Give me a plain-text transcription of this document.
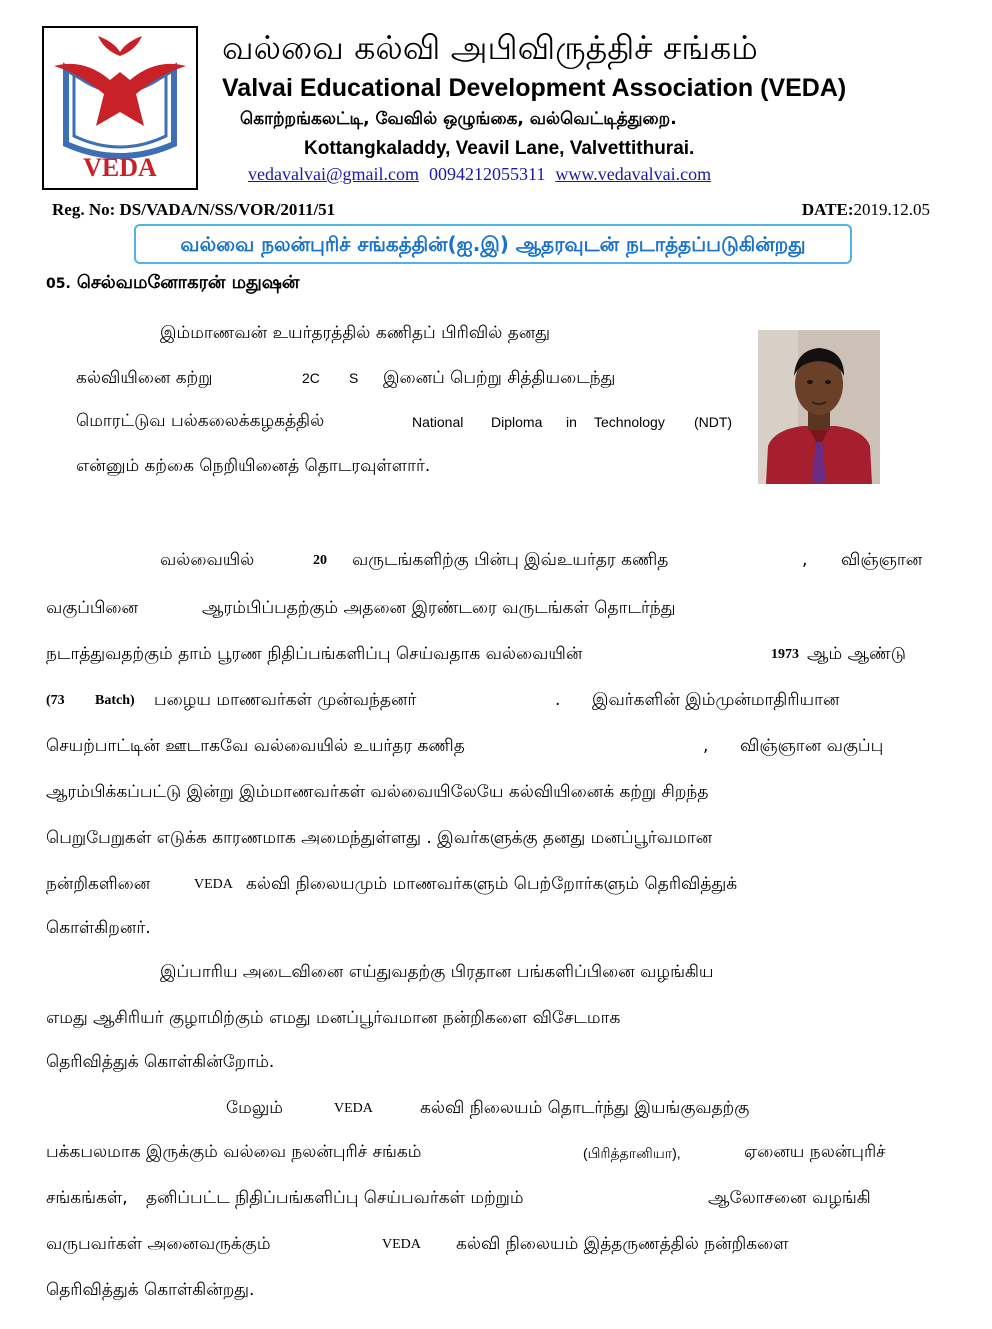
VEDA
வல்வை கல்வி அபிவிருத்திச் சங்கம்
Valvai Educational Development Association (VEDA)
கொற்றங்கலட்டி, வேவில் ஒழுங்கை, வல்வெட்டித்துறை.
Kottangkaladdy, Veavil Lane, Valvettithurai.
vedavalvai@gmail.com 0094212055311 www.vedavalvai.com
Reg. No: DS/VADA/N/SS/VOR/2011/51	DATE:2019.12.05
வல்வை நலன்புரிச் சங்கத்தின்(ஐ.இ) ஆதரவுடன் நடாத்தப்படுகின்றது
05. செல்வமனோகரன் மதுஷன்
இம்மாணவன் உயர்தரத்தில் கணிதப் பிரிவில் தனது
கல்வியினை கற்று	2C S இனைப் பெற்று சித்தியடைந்து
மொரட்டுவ பல்கலைக்கழகத்தில்	National Diploma in Technology (NDT)
என்னும் கற்கை நெறியினைத் தொடரவுள்ளார்.
வல்வையில்	20 வருடங்களிற்கு பின்பு இவ்உயர்தர கணித	, விஞ்ஞான
வகுப்பினை	ஆரம்பிப்பதற்கும் அதனை இரண்டரை வருடங்கள் தொடர்ந்து
நடாத்துவதற்கும் தாம் பூரண நிதிப்பங்களிப்பு செய்வதாக வல்வையின்	1973 ஆம் ஆண்டு
(73 Batch) பழைய மாணவர்கள் முன்வந்தனர்	. இவர்களின் இம்முன்மாதிரியான
செயற்பாட்டின் ஊடாகவே வல்வையில் உயர்தர கணித	, விஞ்ஞான வகுப்பு
ஆரம்பிக்கப்பட்டு இன்று இம்மாணவர்கள் வல்வையிலேயே கல்வியினைக் கற்று சிறந்த
பெறுபேறுகள் எடுக்க காரணமாக அமைந்துள்ளது . இவர்களுக்கு தனது மனப்பூர்வமான
நன்றிகளினை	VEDA கல்வி நிலையமும் மாணவர்களும் பெற்றோர்களும் தெரிவித்துக்
கொள்கிறனர்.
இப்பாரிய அடைவினை எய்துவதற்கு பிரதான பங்களிப்பினை வழங்கிய
எமது ஆசிரியர் குழாமிற்கும் எமது மனப்பூர்வமான நன்றிகளை விசேடமாக
தெரிவித்துக் கொள்கின்றோம்.
மேலும்	VEDA	கல்வி நிலையம் தொடர்ந்து இயங்குவதற்கு
பக்கபலமாக இருக்கும் வல்வை நலன்புரிச் சங்கம்	(பிரித்தானியா),	ஏனைய நலன்புரிச்
சங்கங்கள், தனிப்பட்ட நிதிப்பங்களிப்பு செய்பவர்கள் மற்றும்	ஆலோசனை வழங்கி
வருபவர்கள் அனைவருக்கும்	VEDA கல்வி நிலையம் இத்தருணத்தில் நன்றிகளை
தெரிவித்துக் கொள்கின்றது.
